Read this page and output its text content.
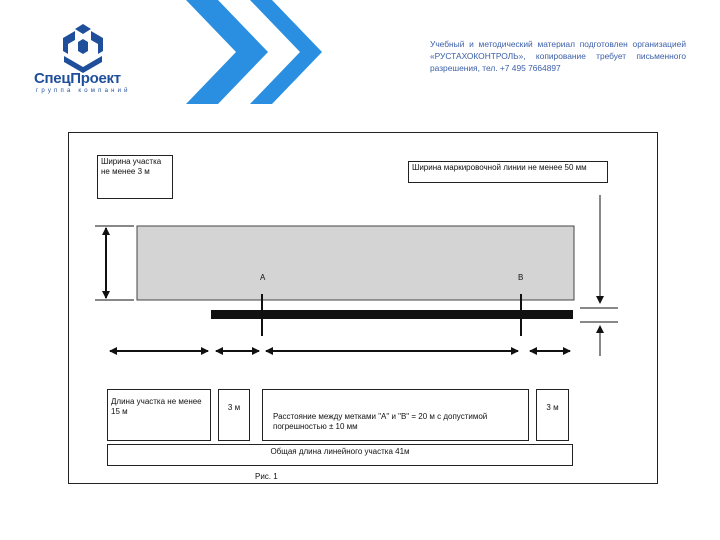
СпецПроект
группа компаний
Учебный и методический материал подготовлен организацией «РУСТАХОКОНТРОЛЬ», копирование требует письменного разрешения, тел. +7 495 7664897
Ширина участка не менее 3 м	Ширина маркировочной линии не менее 50 мм
A	B
Длина участка не менее 15 м	3 м
Расстояние между метками "А" и "В" = 20 м с допустимой погрешностью ± 10 мм
3 м
Общая длина линейного участка 41м
Рис. 1
